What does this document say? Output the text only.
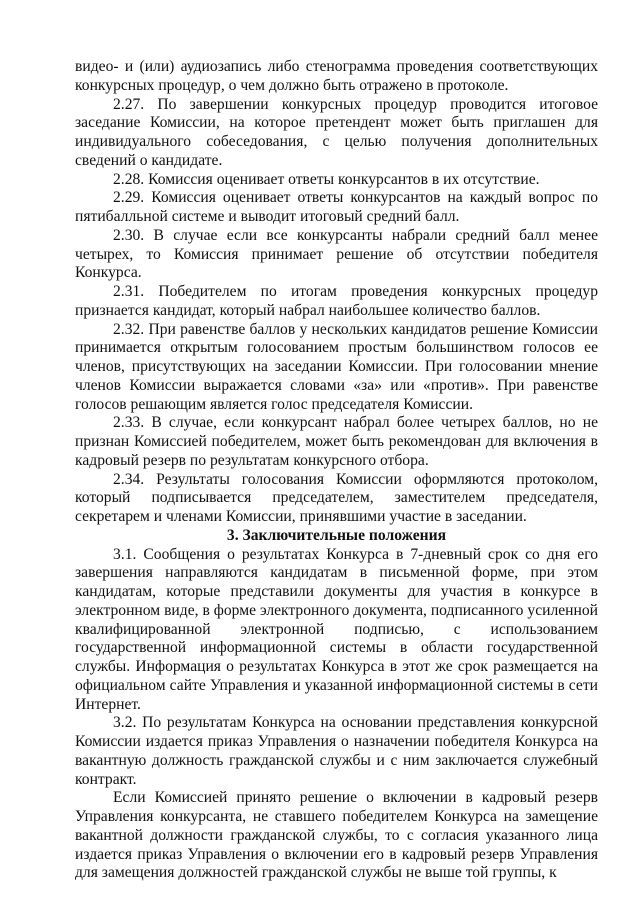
видео- и (или) аудиозапись либо стенограмма проведения соответствующих конкурсных процедур, о чем должно быть отражено в протоколе.

2.27. По завершении конкурсных процедур проводится итоговое заседание Комиссии, на которое претендент может быть приглашен для индивидуального собеседования, с целью получения дополнительных сведений о кандидате.

2.28. Комиссия оценивает ответы конкурсантов в их отсутствие.

2.29. Комиссия оценивает ответы конкурсантов на каждый вопрос по пятибалльной системе и выводит итоговый средний балл.

2.30. В случае если все конкурсанты набрали средний балл менее четырех, то Комиссия принимает решение об отсутствии победителя Конкурса.

2.31. Победителем по итогам проведения конкурсных процедур признается кандидат, который набрал наибольшее количество баллов.

2.32. При равенстве баллов у нескольких кандидатов решение Комиссии принимается открытым голосованием простым большинством голосов ее членов, присутствующих на заседании Комиссии. При голосовании мнение членов Комиссии выражается словами «за» или «против». При равенстве голосов решающим является голос председателя Комиссии.

2.33. В случае, если конкурсант набрал более четырех баллов, но не признан Комиссией победителем, может быть рекомендован для включения в кадровый резерв по результатам конкурсного отбора.

2.34. Результаты голосования Комиссии оформляются протоколом, который подписывается председателем, заместителем председателя, секретарем и членами Комиссии, принявшими участие в заседании.

3. Заключительные положения

3.1. Сообщения о результатах Конкурса в 7-дневный срок со дня его завершения направляются кандидатам в письменной форме, при этом кандидатам, которые представили документы для участия в конкурсе в электронном виде, в форме электронного документа, подписанного усиленной квалифицированной электронной подписью, с использованием государственной информационной системы в области государственной службы. Информация о результатах Конкурса в этот же срок размещается на официальном сайте Управления и указанной информационной системы в сети Интернет.

3.2. По результатам Конкурса на основании представления конкурсной Комиссии издается приказ Управления о назначении победителя Конкурса на вакантную должность гражданской службы и с ним заключается служебный контракт.

Если Комиссией принято решение о включении в кадровый резерв Управления конкурсанта, не ставшего победителем Конкурса на замещение вакантной должности гражданской службы, то с согласия указанного лица издается приказ Управления о включении его в кадровый резерв Управления для замещения должностей гражданской службы не выше той группы, к
